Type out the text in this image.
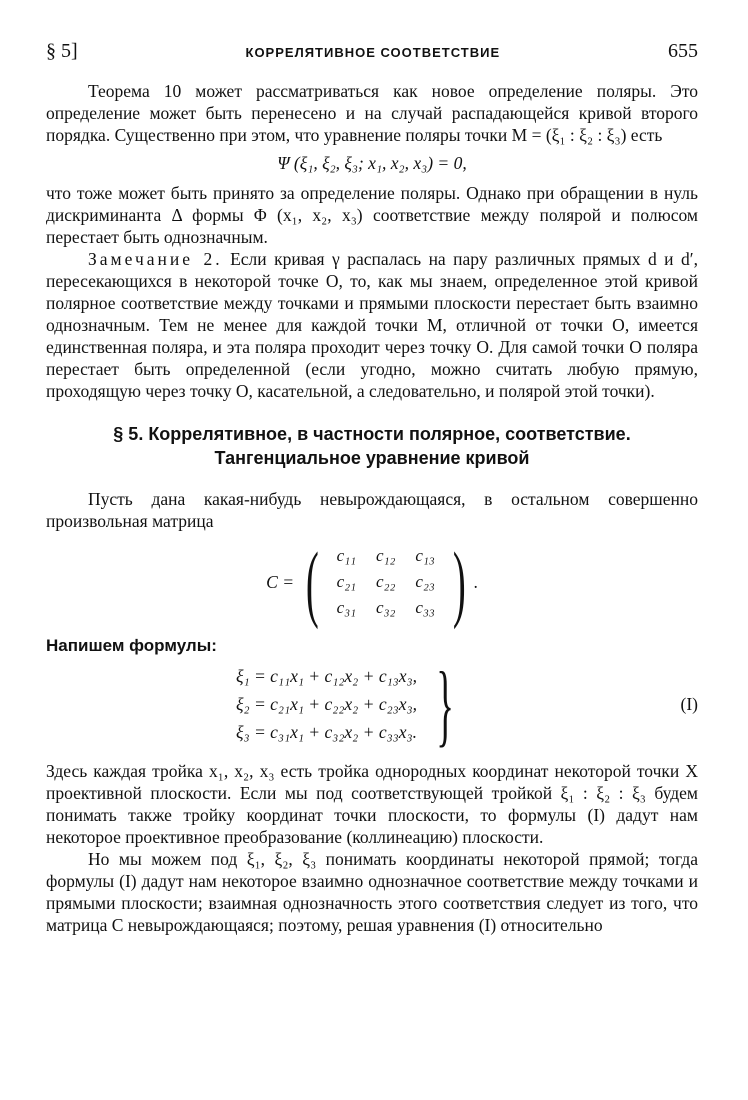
§ 5]	КОРРЕЛЯТИВНОЕ СООТВЕТСТВИЕ	655

Теорема 10 может рассматриваться как новое определение поляры. Это определение может быть перенесено и на случай распадающейся кривой второго порядка. Существенно при этом, что уравнение поляры точки M = (ξ₁ : ξ₂ : ξ₃) есть

Ψ (ξ₁, ξ₂, ξ₃; x₁, x₂, x₃) = 0,

что тоже может быть принято за определение поляры. Однако при обращении в нуль дискриминанта Δ формы Φ (x₁, x₂, x₃) соответствие между полярой и полюсом перестает быть однозначным.

Замечание 2. Если кривая γ распалась на пару различных прямых d и d′, пересекающихся в некоторой точке O, то, как мы знаем, определенное этой кривой полярное соответствие между точками и прямыми плоскости перестает быть взаимно однозначным. Тем не менее для каждой точки M, отличной от точки O, имеется единственная поляра, и эта поляра проходит через точку O. Для самой точки O поляра перестает быть определенной (если угодно, можно считать любую прямую, проходящую через точку O, касательной, а следовательно, и полярой этой точки).

§ 5. Коррелятивное, в частности полярное, соответствие.
Тангенциальное уравнение кривой

Пусть дана какая-нибудь невырождающаяся, в остальном совершенно произвольная матрица

C = ( c₁₁	c₁₂	c₁₃
c₂₁	c₂₂	c₂₃
c₃₁	c₃₂	c₃₃ ) .
Напишем формулы:
ξ₁ = c₁₁x₁ + c₁₂x₂ + c₁₃x₃,
ξ₂ = c₂₁x₁ + c₂₂x₂ + c₂₃x₃,
ξ₃ = c₃₁x₁ + c₃₂x₂ + c₃₃x₃. }	(I)

Здесь каждая тройка x₁, x₂, x₃ есть тройка однородных координат некоторой точки X проективной плоскости. Если мы под соответствующей тройкой ξ₁ : ξ₂ : ξ₃ будем понимать также тройку координат точки плоскости, то формулы (I) дадут нам некоторое проективное преобразование (коллинеацию) плоскости.

Но мы можем под ξ₁, ξ₂, ξ₃ понимать координаты некоторой прямой; тогда формулы (I) дадут нам некоторое взаимно однозначное соответствие между точками и прямыми плоскости; взаимная однозначность этого соответствия следует из того, что матрица C невырождающаяся; поэтому, решая уравнения (I) относительно
